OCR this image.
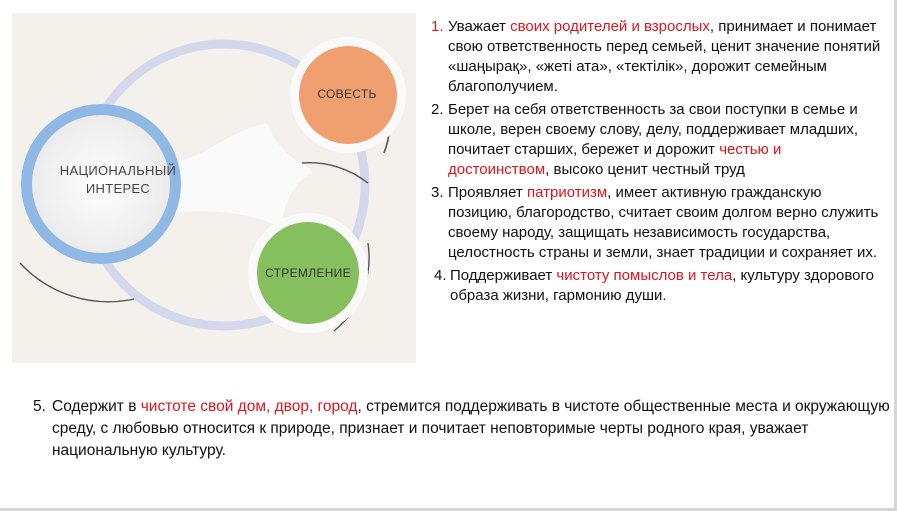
НАЦИОНАЛЬНЫЙ
ИНТЕРЕС
СОВЕСТЬ
СТРЕМЛЕНИЕ
1. Уважает своих родителей и взрослых, принимает и понимает свою ответственность перед семьей, ценит значение понятий «шаңырақ», «жеті ата», «тектілік», дорожит семейным благополучием.
2. Берет на себя ответственность за свои поступки в семье и школе, верен своему слову, делу, поддерживает младших, почитает старших, бережет и дорожит честью и достоинством, высоко ценит честный труд
3. Проявляет патриотизм, имеет активную гражданскую позицию, благородство, считает своим долгом верно служить своему народу, защищать независимость государства, целостность страны и земли, знает традиции и сохраняет их.
4. Поддерживает чистоту помыслов и тела, культуру здорового образа жизни, гармонию души.
5. Содержит в чистоте свой дом, двор, город, стремится поддерживать в чистоте общественные места и окружающую среду, с любовью относится к природе, признает и почитает неповторимые черты родного края, уважает национальную культуру.
